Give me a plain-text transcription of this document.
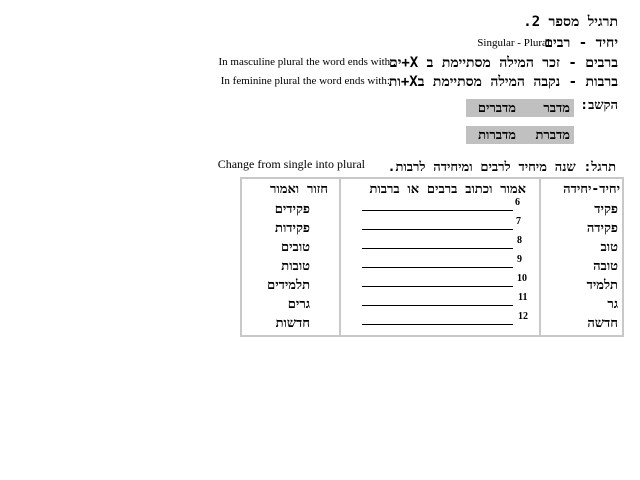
תרגיל מספר 2.
יחיד - רבים
Singular - Plural
ברבים - זכר המילה מסתיימת ב X+ים
In masculine plural the word ends with :
ברבות - נקבה המילה מסתיימת בX+ות
In feminine plural the word ends with:
הקשב:
מדבר
מדברים
מדברת
מדברות
תרגל: שנה מיחיד לרבים ומיחידה לרבות.
Change from single into plural
יחיד-יחידה
אמור וכתוב ברבים או ברבות
חזור ואמור
פקיד
פקידה
טוב
טובה
תלמיד
גר
חדשה
6
7
8
9
10
11
12
פקידים
פקידות
טובים
טובות
תלמידים
גרים
חדשות
